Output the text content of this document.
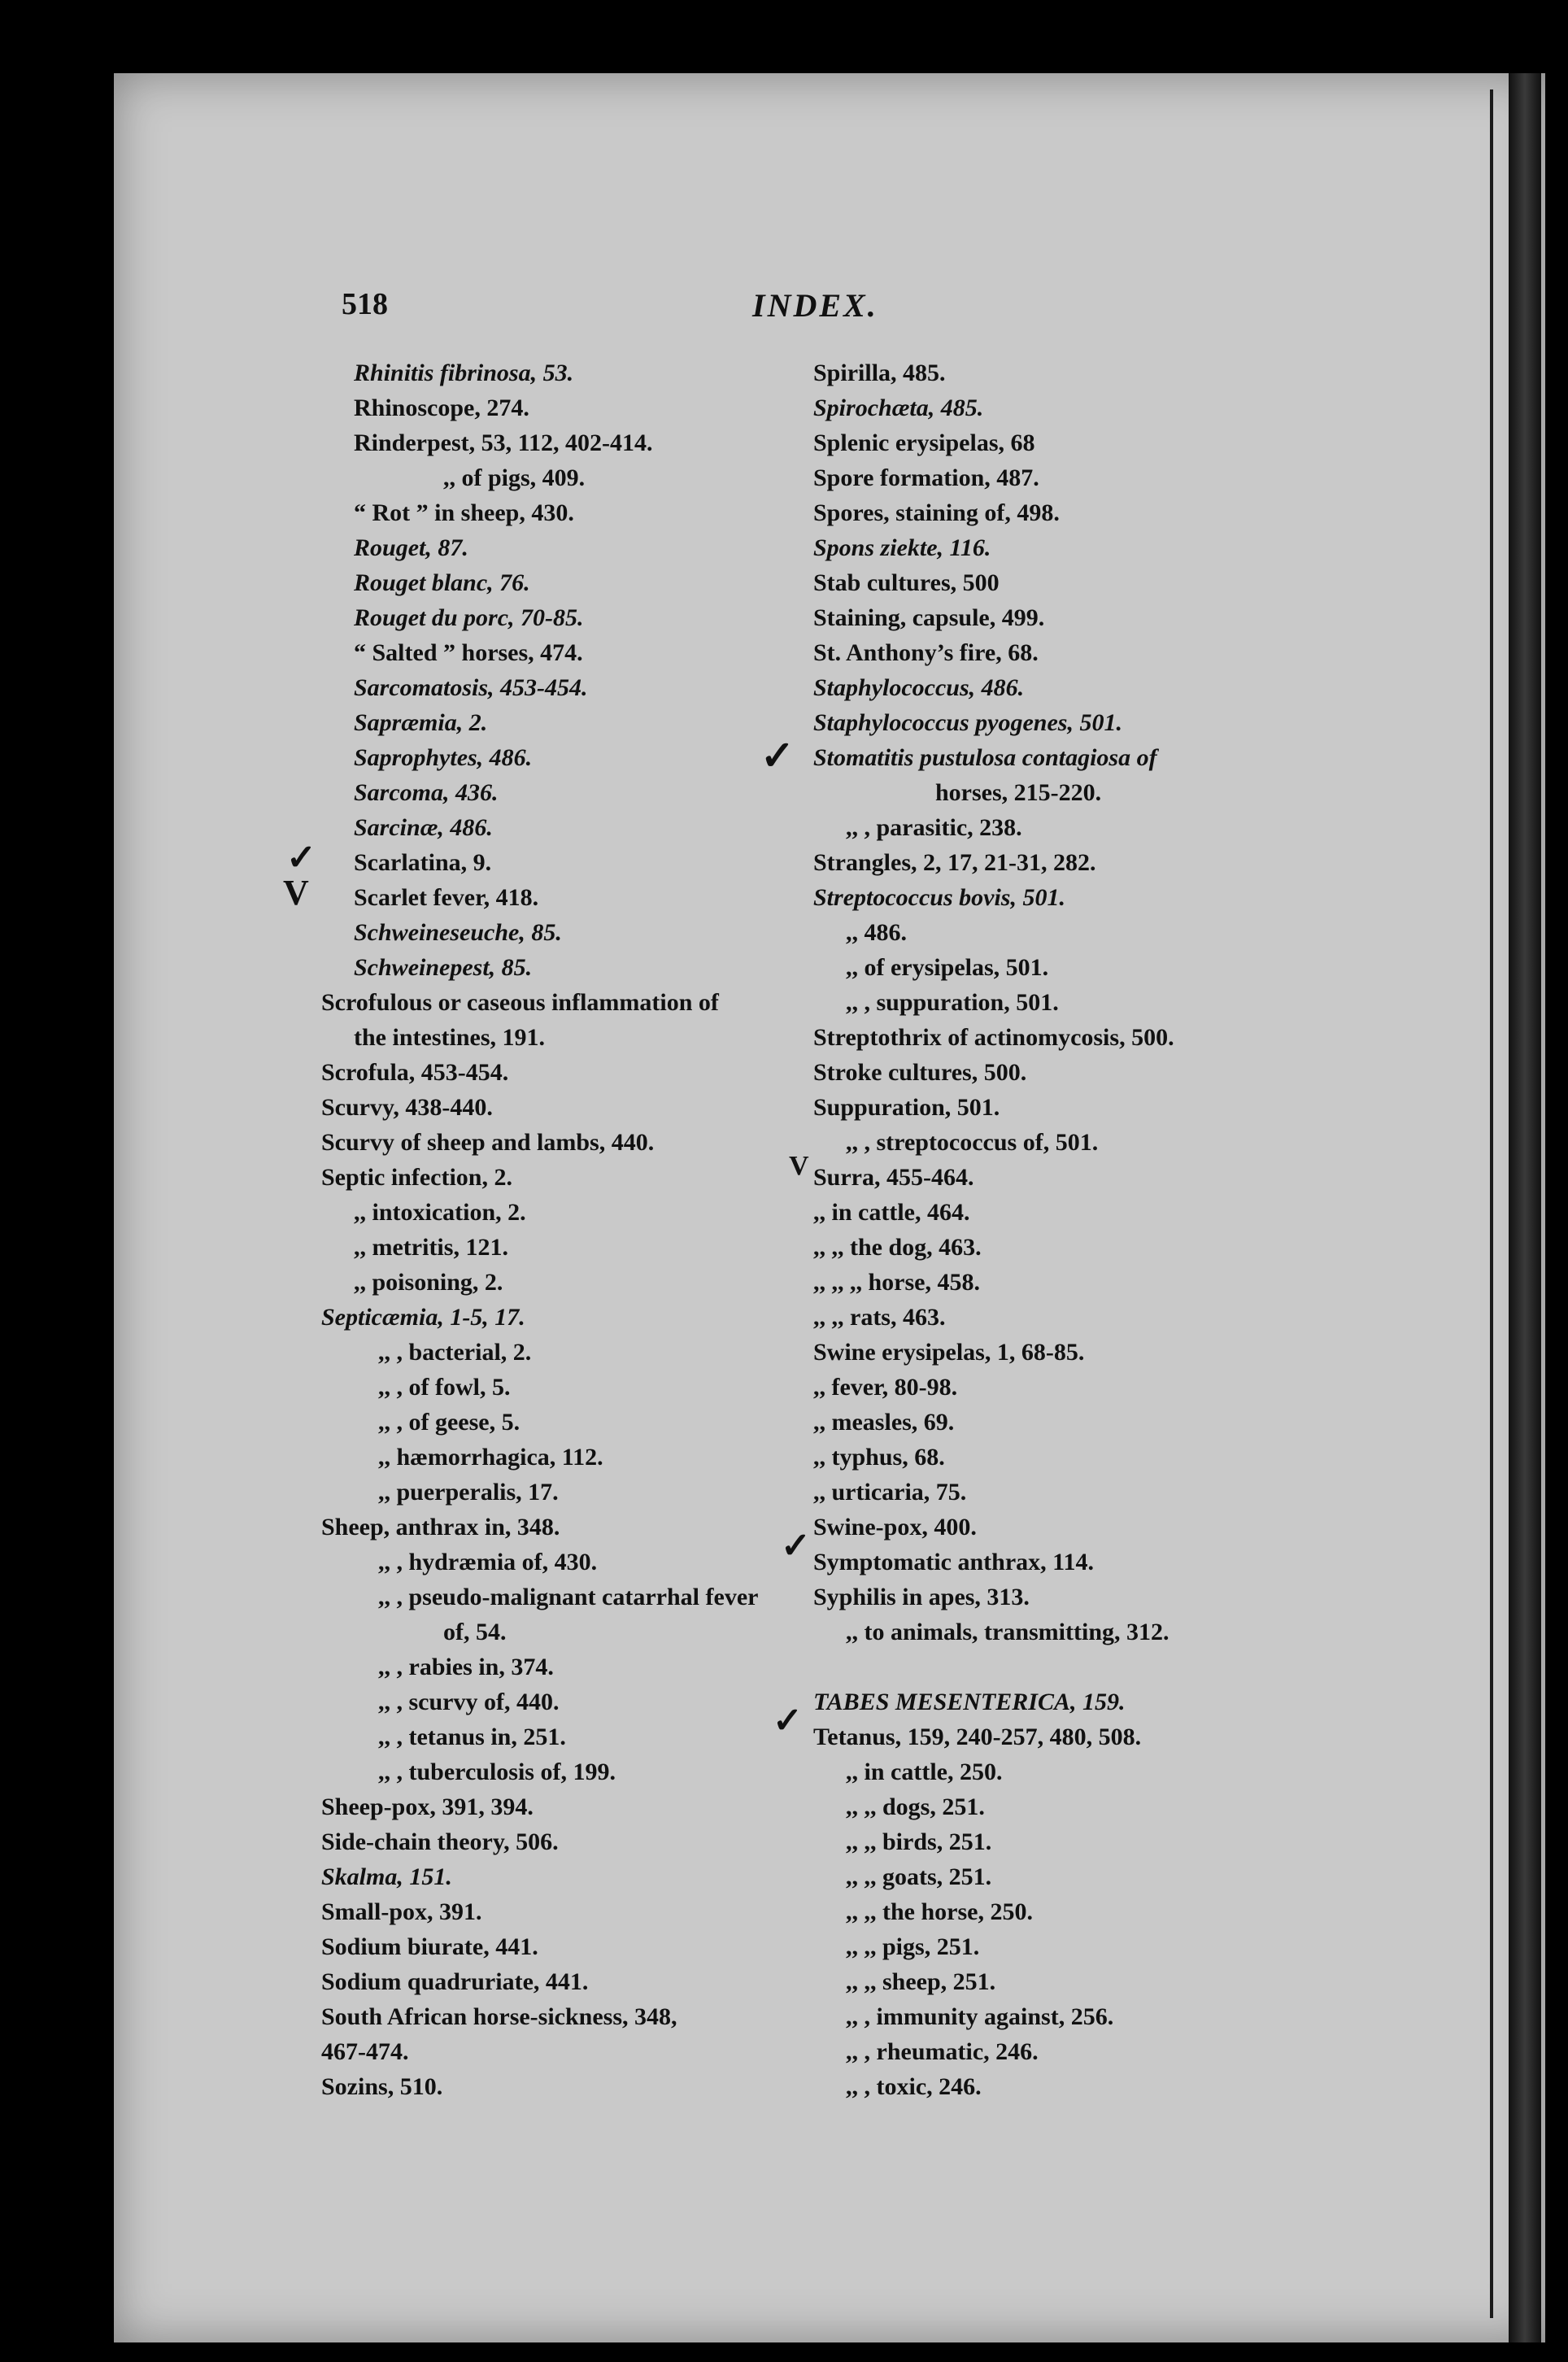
518	INDEX.
Rhinitis fibrinosa, 53.
Rhinoscope, 274.
Rinderpest, 53, 112, 402-414.
,, of pigs, 409.
“ Rot ” in sheep, 430.
Rouget, 87.
Rouget blanc, 76.
Rouget du porc, 70-85.
“ Salted ” horses, 474.
Sarcomatosis, 453-454.
Sapræmia, 2.
Saprophytes, 486.
Sarcoma, 436.
Sarcinæ, 486.
Scarlatina, 9.
Scarlet fever, 418.
Schweineseuche, 85.
Schweinepest, 85.
Scrofulous or caseous inflammation of
the intestines, 191.
Scrofula, 453-454.
Scurvy, 438-440.
Scurvy of sheep and lambs, 440.
Septic infection, 2.
,, intoxication, 2.
,, metritis, 121.
,, poisoning, 2.
Septicæmia, 1-5, 17.
,, , bacterial, 2.
,, , of fowl, 5.
,, , of geese, 5.
,, hæmorrhagica, 112.
,, puerperalis, 17.
Sheep, anthrax in, 348.
,, , hydræmia of, 430.
,, , pseudo-malignant catarrhal fever
of, 54.
,, , rabies in, 374.
,, , scurvy of, 440.
,, , tetanus in, 251.
,, , tuberculosis of, 199.
Sheep-pox, 391, 394.
Side-chain theory, 506.
Skalma, 151.
Small-pox, 391.
Sodium biurate, 441.
Sodium quadruriate, 441.
South African horse-sickness, 348,
467-474.
Sozins, 510.
Spirilla, 485.
Spirοchæta, 485.
Splenic erysipelas, 68
Spore formation, 487.
Spores, staining of, 498.
Spons ziekte, 116.
Stab cultures, 500
Staining, capsule, 499.
St. Anthony’s fire, 68.
Staphylococcus, 486.
Staphylococcus pyogenes, 501.
Stomatitis pustulosa contagiosa of
horses, 215-220.
,, , parasitic, 238.
Strangles, 2, 17, 21-31, 282.
Streptococcus bovis, 501.
,, 486.
,, of erysipelas, 501.
,, , suppuration, 501.
Streptothrix of actinomycosis, 500.
Stroke cultures, 500.
Suppuration, 501.
,, , streptococcus of, 501.
Surra, 455-464.
,, in cattle, 464.
,, ,, the dog, 463.
,, ,, ,, horse, 458.
,, ,, rats, 463.
Swine erysipelas, 1, 68-85.
,, fever, 80-98.
,, measles, 69.
,, typhus, 68.
,, urticaria, 75.
Swine-pox, 400.
Symptomatic anthrax, 114.
Syphilis in apes, 313.
,, to animals, transmitting, 312.
TABES MESENTERICA, 159.
Tetanus, 159, 240-257, 480, 508.
,, in cattle, 250.
,, ,, dogs, 251.
,, ,, birds, 251.
,, ,, goats, 251.
,, ,, the horse, 250.
,, ,, pigs, 251.
,, ,, sheep, 251.
,, , immunity against, 256.
,, , rheumatic, 246.
,, , toxic, 246.
✓
V
✓
V
✓
✓
